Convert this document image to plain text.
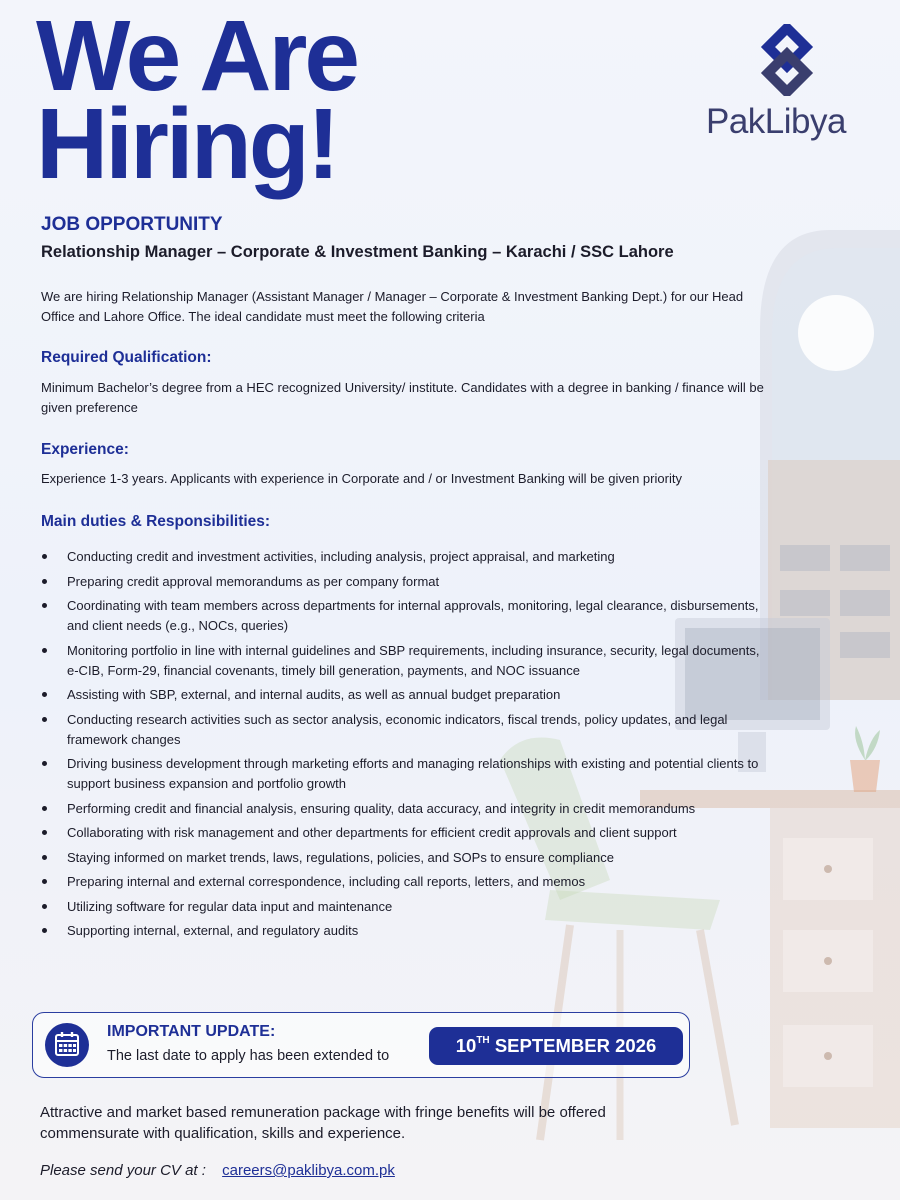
We Are
Hiring!	PakLibya
JOB OPPORTUNITY
Relationship Manager – Corporate & Investment Banking – Karachi / SSC Lahore
We are hiring Relationship Manager (Assistant Manager / Manager – Corporate & Investment Banking Dept.) for our Head Office and Lahore Office. The ideal candidate must meet the following criteria
Required Qualification:
Minimum Bachelor’s degree from a HEC recognized University/ institute. Candidates with a degree in banking / finance will be given preference
Experience:
Experience 1-3 years. Applicants with experience in Corporate and / or Investment Banking will be given priority
Main duties & Responsibilities:
Conducting credit and investment activities, including analysis, project appraisal, and marketing
Preparing credit approval memorandums as per company format
Coordinating with team members across departments for internal approvals, monitoring, legal clearance, disbursements, and client needs (e.g., NOCs, queries)
Monitoring portfolio in line with internal guidelines and SBP requirements, including insurance, security, legal documents, e-CIB, Form-29, financial covenants, timely bill generation, payments, and NOC issuance
Assisting with SBP, external, and internal audits, as well as annual budget preparation
Conducting research activities such as sector analysis, economic indicators, fiscal trends, policy updates, and legal framework changes
Driving business development through marketing efforts and managing relationships with existing and potential clients to support business expansion and portfolio growth
Performing credit and financial analysis, ensuring quality, data accuracy, and integrity in credit memorandums
Collaborating with risk management and other departments for efficient credit approvals and client support
Staying informed on market trends, laws, regulations, policies, and SOPs to ensure compliance
Preparing internal and external correspondence, including call reports, letters, and memos
Utilizing software for regular data input and maintenance
Supporting internal, external, and regulatory audits
IMPORTANT UPDATE:
The last date to apply has been extended to	10TH SEPTEMBER 2026
Attractive and market based remuneration package with fringe benefits will be offered commensurate with qualification, skills and experience.
Please send your CV at : careers@paklibya.com.pk
